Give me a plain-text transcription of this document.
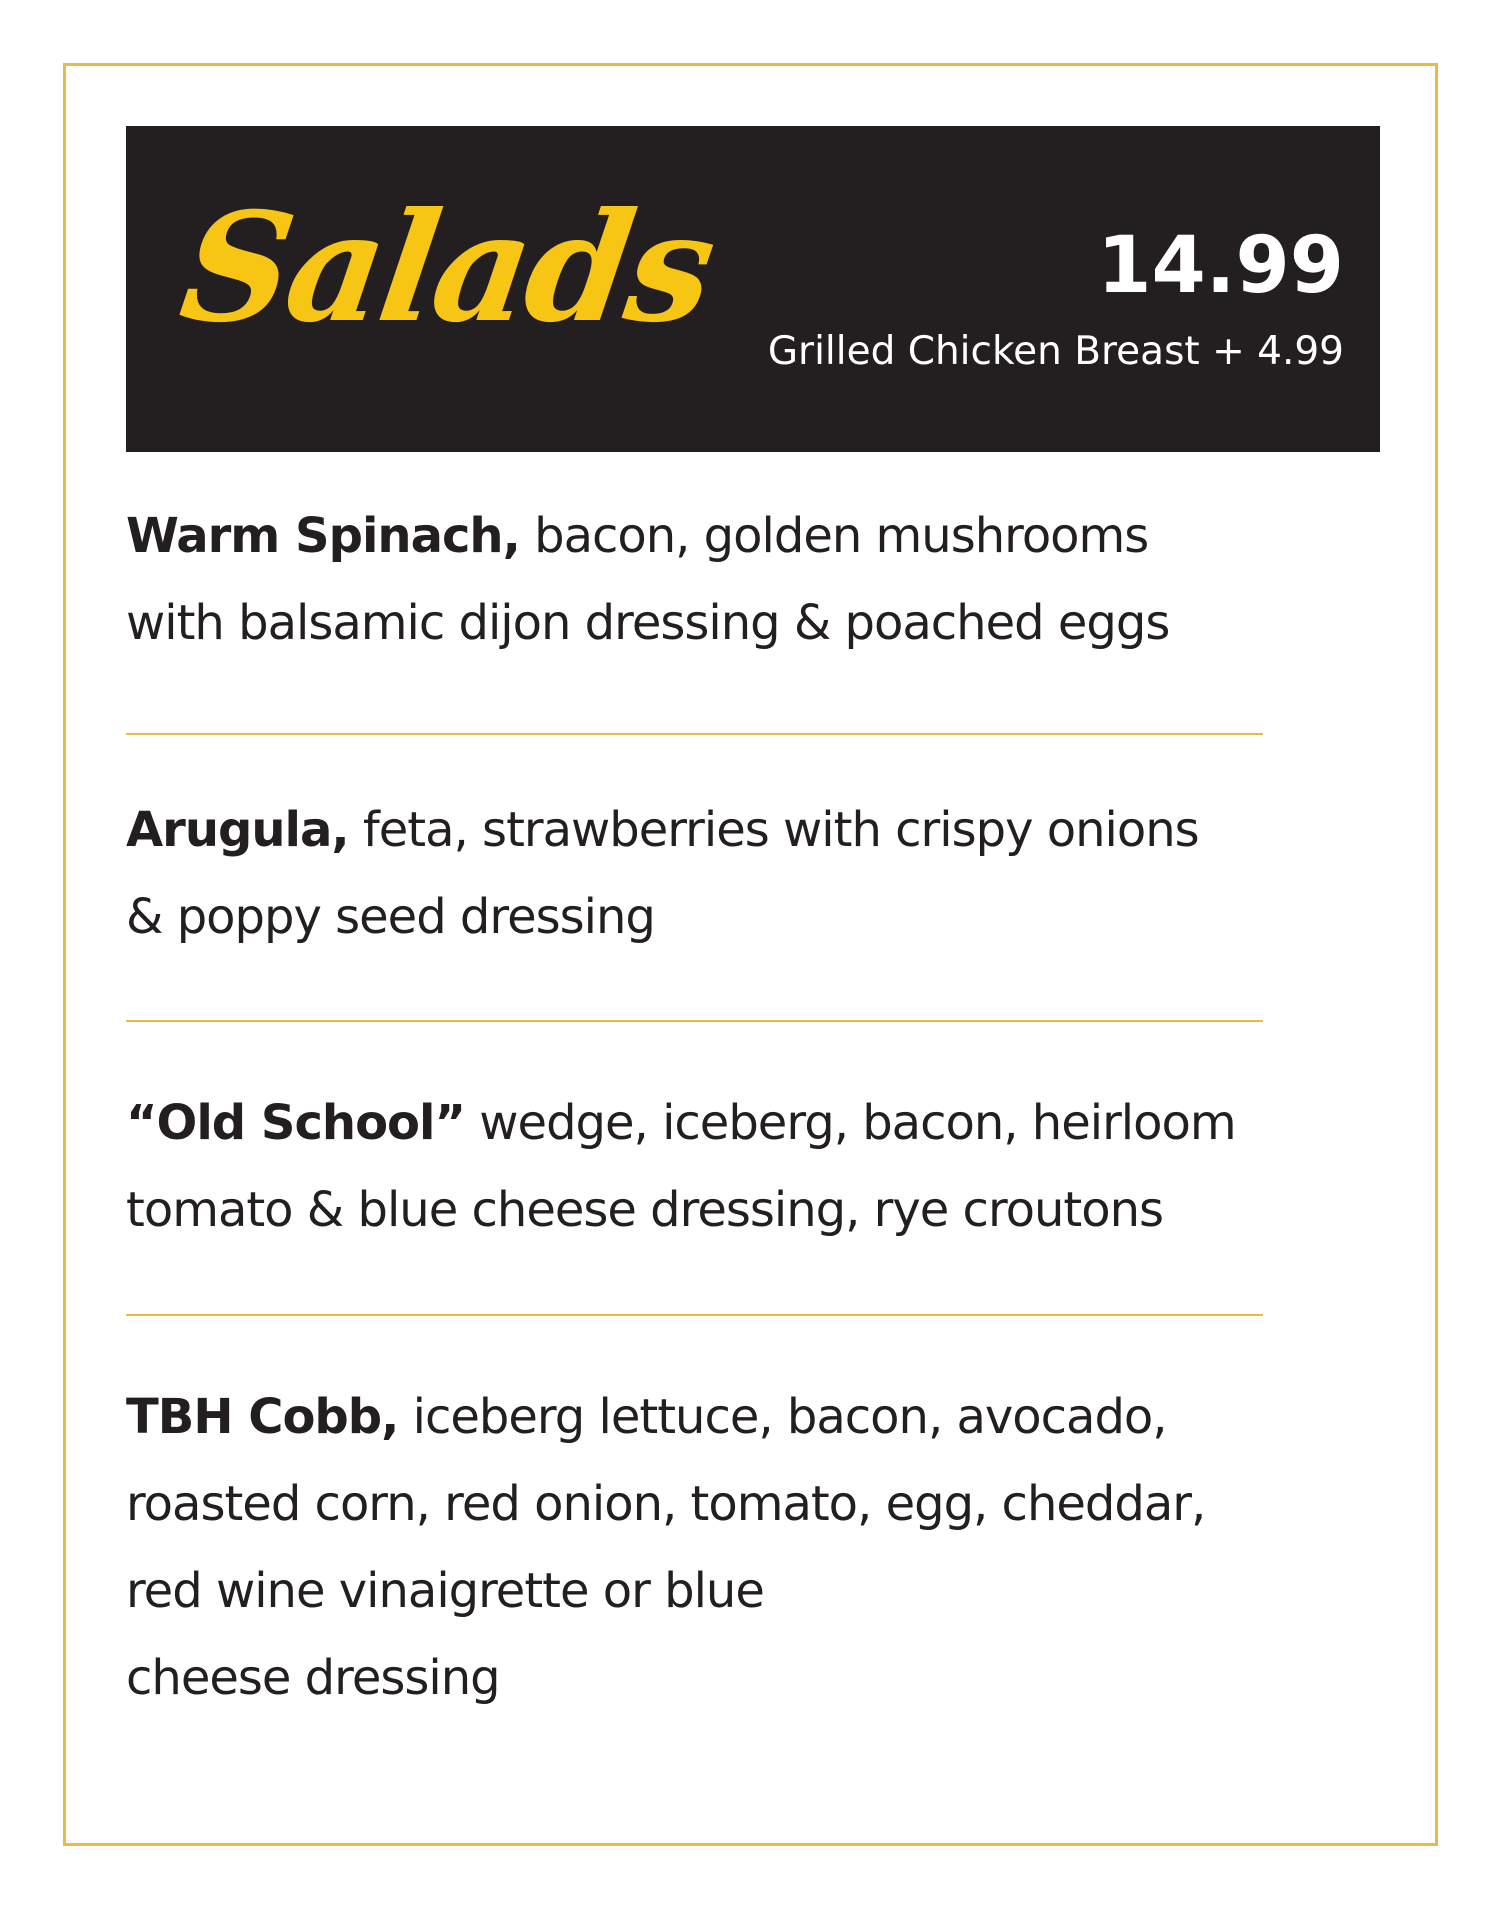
Salads	14.99
Grilled Chicken Breast + 4.99
Warm Spinach, bacon, golden mushrooms
with balsamic dijon dressing & poached eggs
Arugula, feta, strawberries with crispy onions
& poppy seed dressing
“Old School” wedge, iceberg, bacon, heirloom
tomato & blue cheese dressing, rye croutons
TBH Cobb, iceberg lettuce, bacon, avocado,
roasted corn, red onion, tomato, egg, cheddar,
red wine vinaigrette or blue
cheese dressing
